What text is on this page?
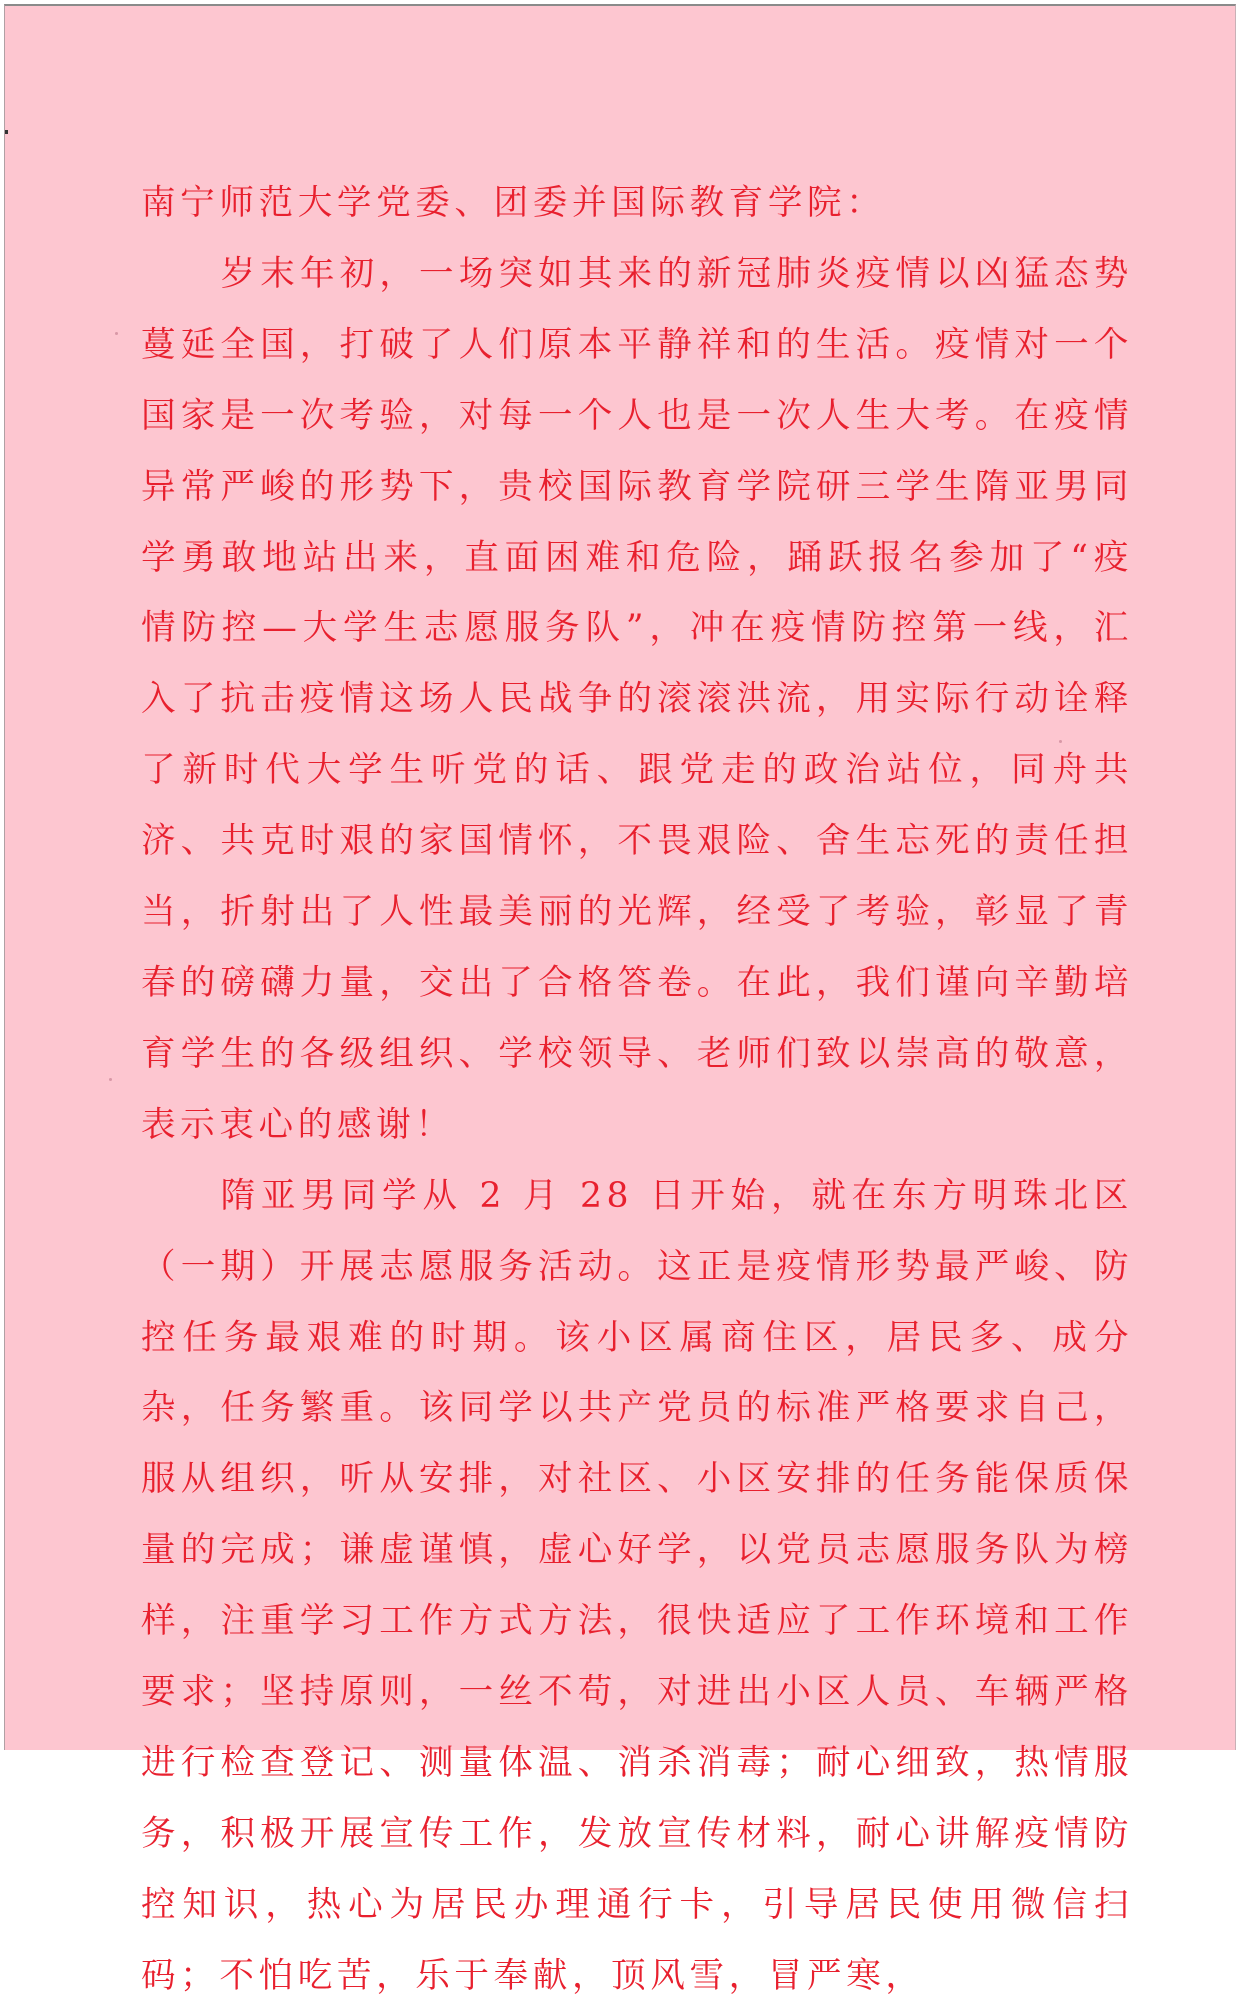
南宁师范大学党委、团委并国际教育学院：

岁末年初，一场突如其来的新冠肺炎疫情以凶猛态势蔓延全国，打破了人们原本平静祥和的生活。疫情对一个国家是一次考验，对每一个人也是一次人生大考。在疫情异常严峻的形势下，贵校国际教育学院研三学生隋亚男同学勇敢地站出来，直面困难和危险，踊跃报名参加了“疫情防控—大学生志愿服务队”，冲在疫情防控第一线，汇入了抗击疫情这场人民战争的滚滚洪流，用实际行动诠释了新时代大学生听党的话、跟党走的政治站位，同舟共济、共克时艰的家国情怀，不畏艰险、舍生忘死的责任担当，折射出了人性最美丽的光辉，经受了考验，彰显了青春的磅礴力量，交出了合格答卷。在此，我们谨向辛勤培育学生的各级组织、学校领导、老师们致以崇高的敬意，表示衷心的感谢！

隋亚男同学从 2 月 28 日开始，就在东方明珠北区（一期）开展志愿服务活动。这正是疫情形势最严峻、防控任务最艰难的时期。该小区属商住区，居民多、成分杂，任务繁重。该同学以共产党员的标准严格要求自己，服从组织，听从安排，对社区、小区安排的任务能保质保量的完成；谦虚谨慎，虚心好学，以党员志愿服务队为榜样，注重学习工作方式方法，很快适应了工作环境和工作要求；坚持原则，一丝不苟，对进出小区人员、车辆严格进行检查登记、测量体温、消杀消毒；耐心细致，热情服务，积极开展宣传工作，发放宣传材料，耐心讲解疫情防控知识，热心为居民办理通行卡，引导居民使用微信扫码；不怕吃苦，乐于奉献，顶风雪，冒严寒，
